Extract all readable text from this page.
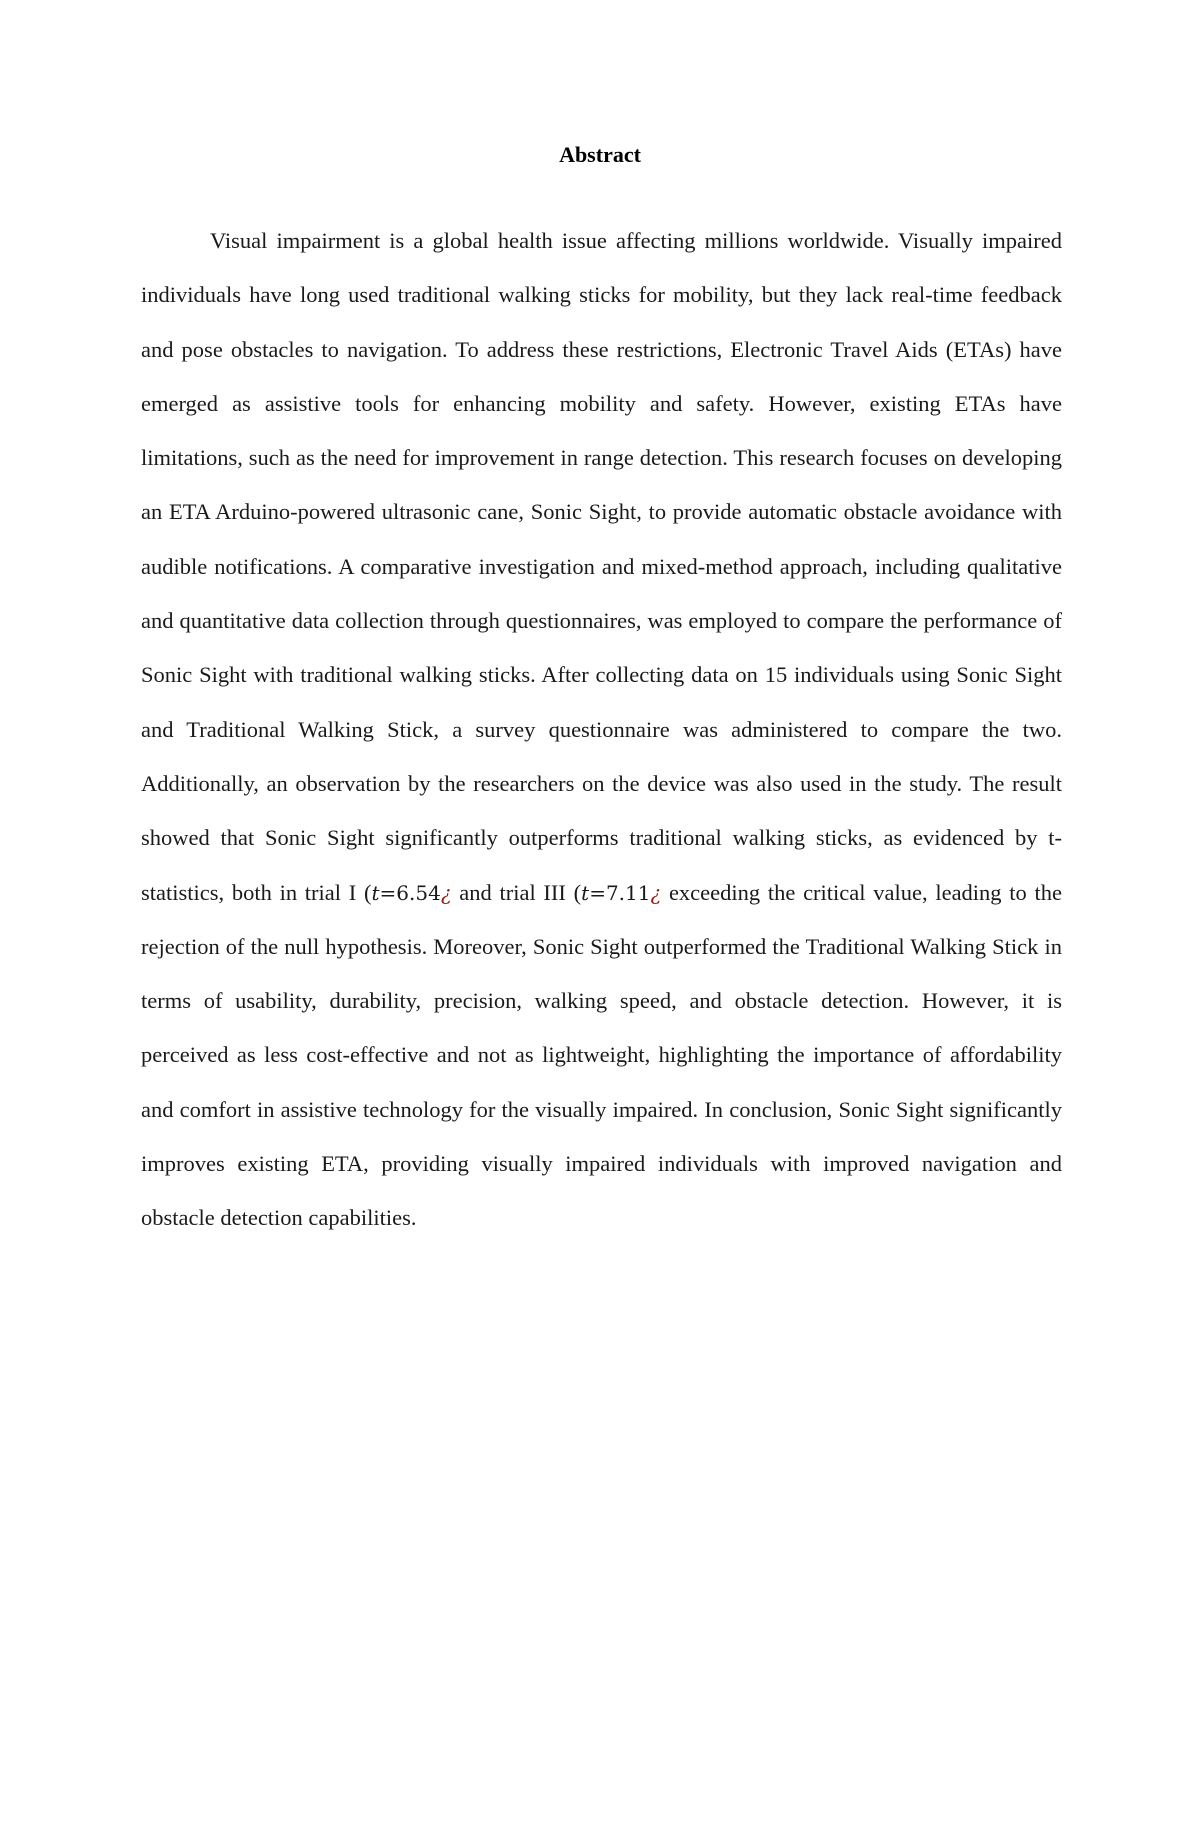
Abstract

Visual impairment is a global health issue affecting millions worldwide. Visually impaired individuals have long used traditional walking sticks for mobility, but they lack real-time feedback and pose obstacles to navigation. To address these restrictions, Electronic Travel Aids (ETAs) have emerged as assistive tools for enhancing mobility and safety. However, existing ETAs have limitations, such as the need for improvement in range detection. This research focuses on developing an ETA Arduino-powered ultrasonic cane, Sonic Sight, to provide automatic obstacle avoidance with audible notifications. A comparative investigation and mixed-method approach, including qualitative and quantitative data collection through questionnaires, was employed to compare the performance of Sonic Sight with traditional walking sticks. After collecting data on 15 individuals using Sonic Sight and Traditional Walking Stick, a survey questionnaire was administered to compare the two. Additionally, an observation by the researchers on the device was also used in the study. The result showed that Sonic Sight significantly outperforms traditional walking sticks, as evidenced by t-statistics, both in trial I (t=6.54¿ and trial III (t=7.11¿ exceeding the critical value, leading to the rejection of the null hypothesis. Moreover, Sonic Sight outperformed the Traditional Walking Stick in terms of usability, durability, precision, walking speed, and obstacle detection. However, it is perceived as less cost-effective and not as lightweight, highlighting the importance of affordability and comfort in assistive technology for the visually impaired. In conclusion, Sonic Sight significantly improves existing ETA, providing visually impaired individuals with improved navigation and obstacle detection capabilities.
